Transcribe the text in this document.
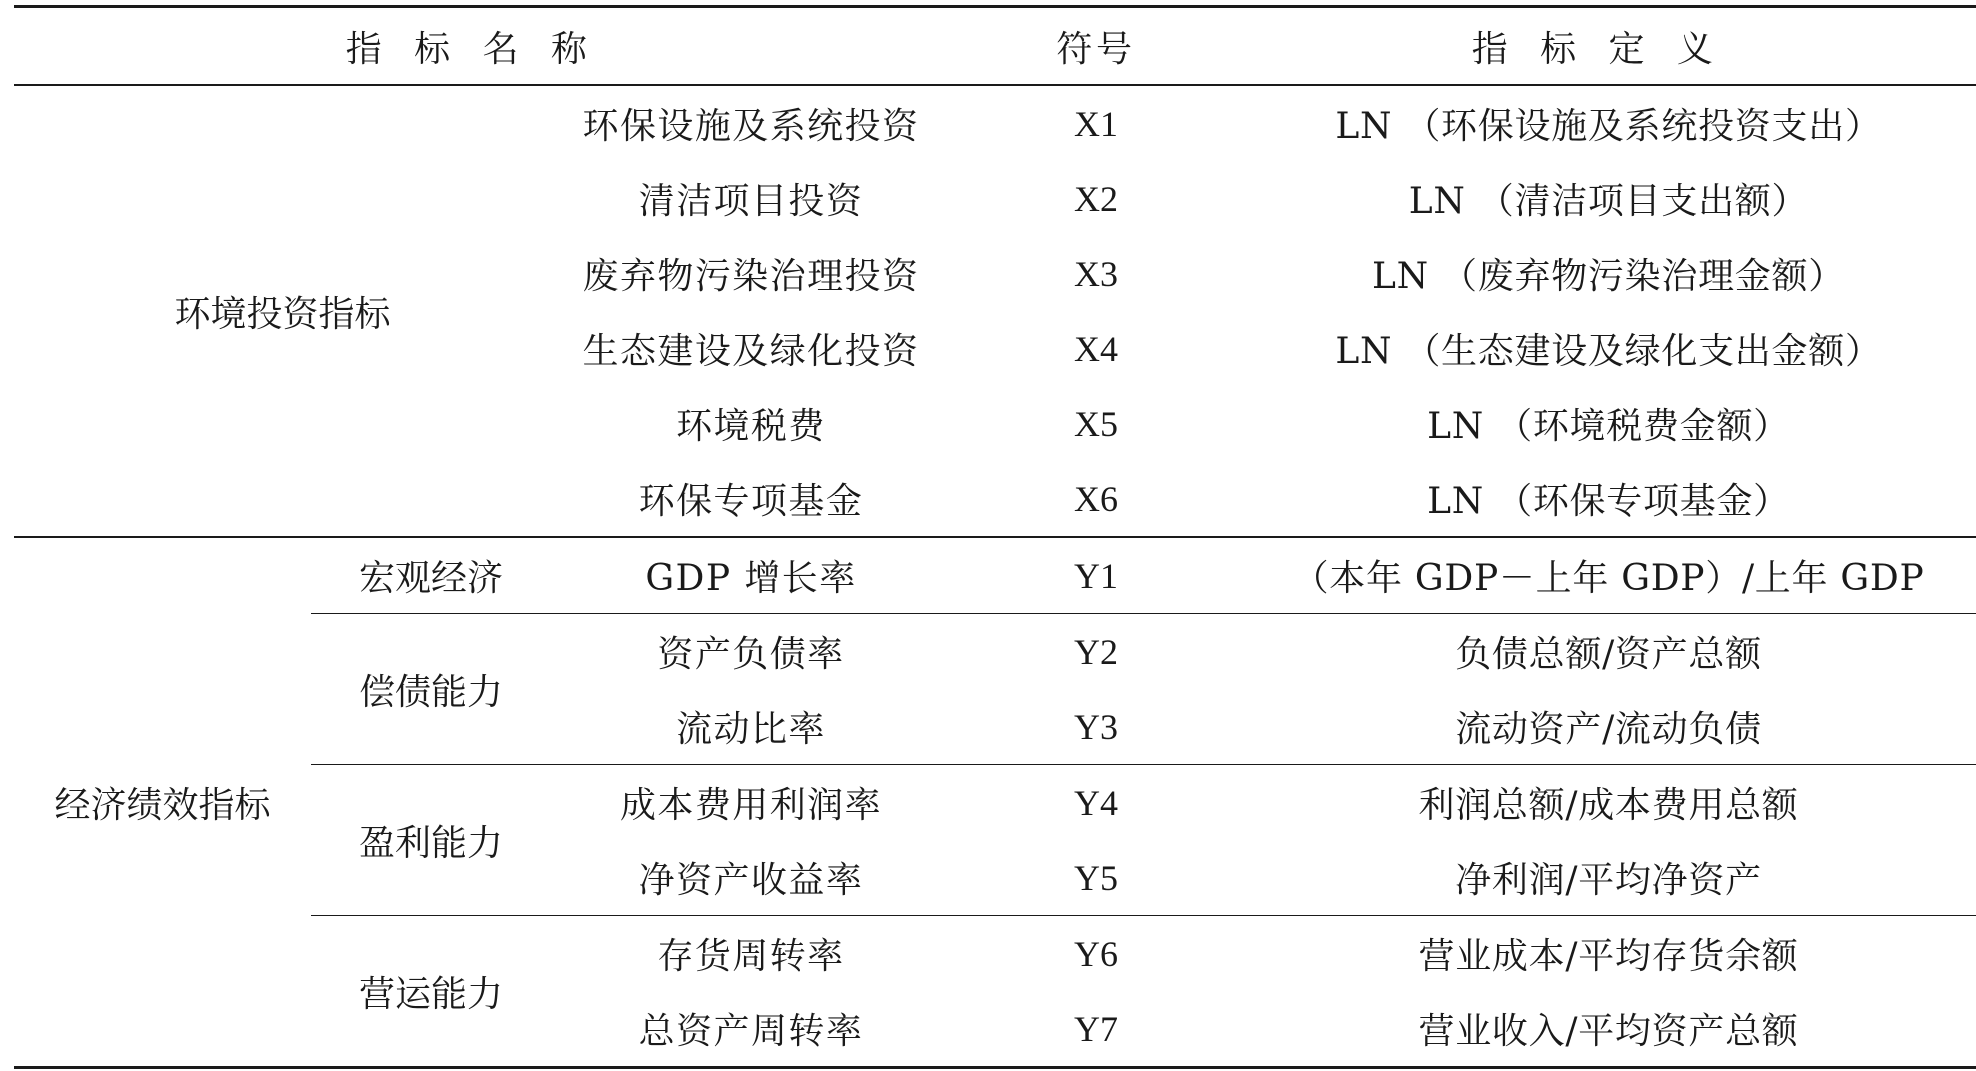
指标名称			符号	指标定义
环境投资指标		环保设施及系统投资	X1	LN （环保设施及系统投资支出）
		清洁项目投资	X2	LN （清洁项目支出额）
		废弃物污染治理投资	X3	LN （废弃物污染治理金额）
		生态建设及绿化投资	X4	LN （生态建设及绿化支出金额）
		环境税费	X5	LN （环境税费金额）
		环保专项基金	X6	LN （环保专项基金）
经济绩效指标	宏观经济	GDP 增长率	Y1	（本年 GDP－上年 GDP）/上年 GDP
	偿债能力	资产负债率	Y2	负债总额/资产总额
		流动比率	Y3	流动资产/流动负债
	盈利能力	成本费用利润率	Y4	利润总额/成本费用总额
		净资产收益率	Y5	净利润/平均净资产
	营运能力	存货周转率	Y6	营业成本/平均存货余额
		总资产周转率	Y7	营业收入/平均资产总额
